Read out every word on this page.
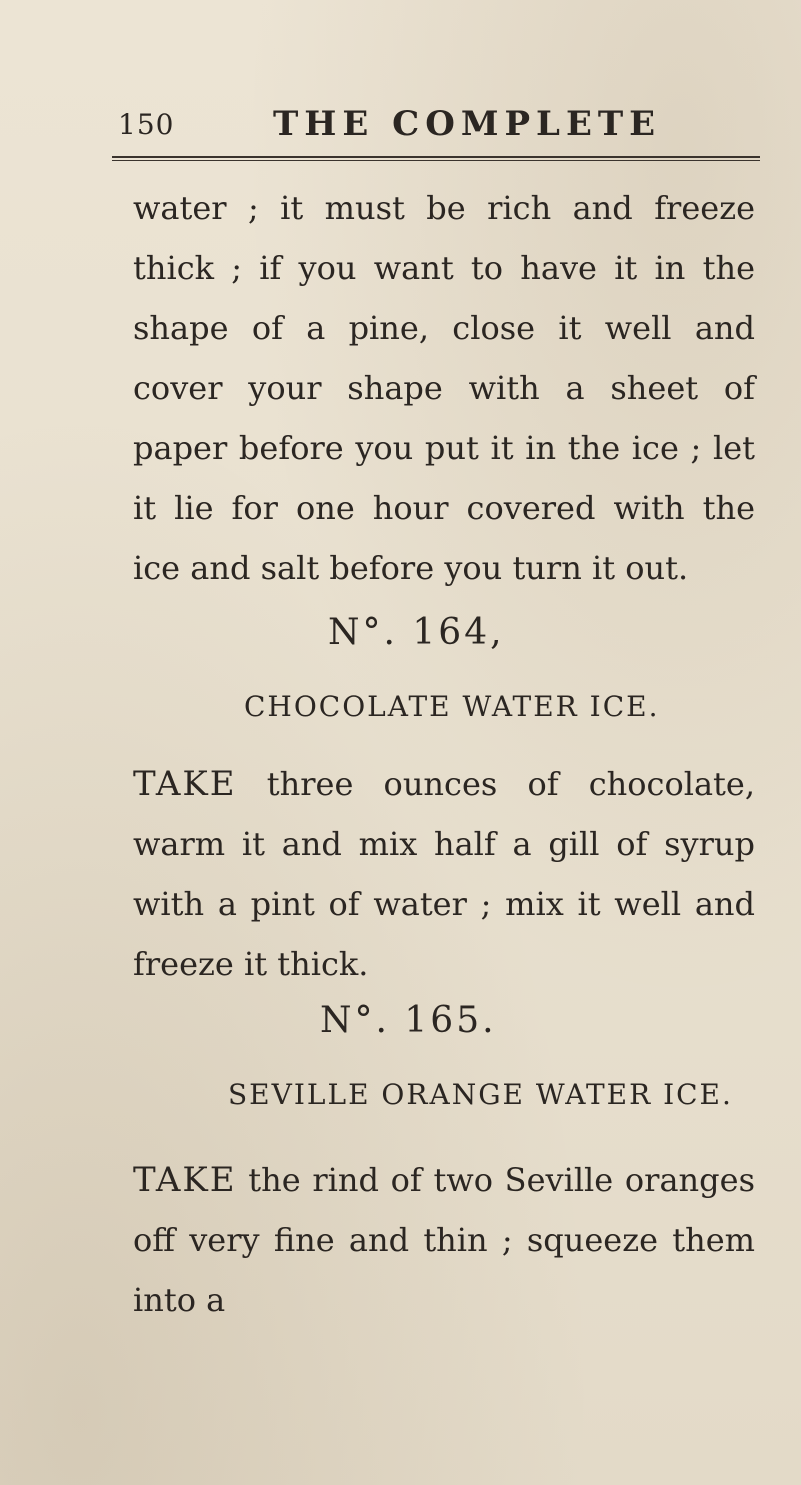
150	THE COMPLETE

water ; it must be rich and freeze thick ; if you want to have it in the shape of a pine, close it well and cover your shape with a sheet of paper before you put it in the ice ; let it lie for one hour covered with the ice and salt before you turn it out.

N°. 164,
CHOCOLATE WATER ICE.

TAKE three ounces of chocolate, warm it and mix half a gill of syrup with a pint of water ; mix it well and freeze it thick.

N°. 165.
SEVILLE ORANGE WATER ICE.

TAKE the rind of two Seville oranges off very fine and thin ; squeeze them into a
